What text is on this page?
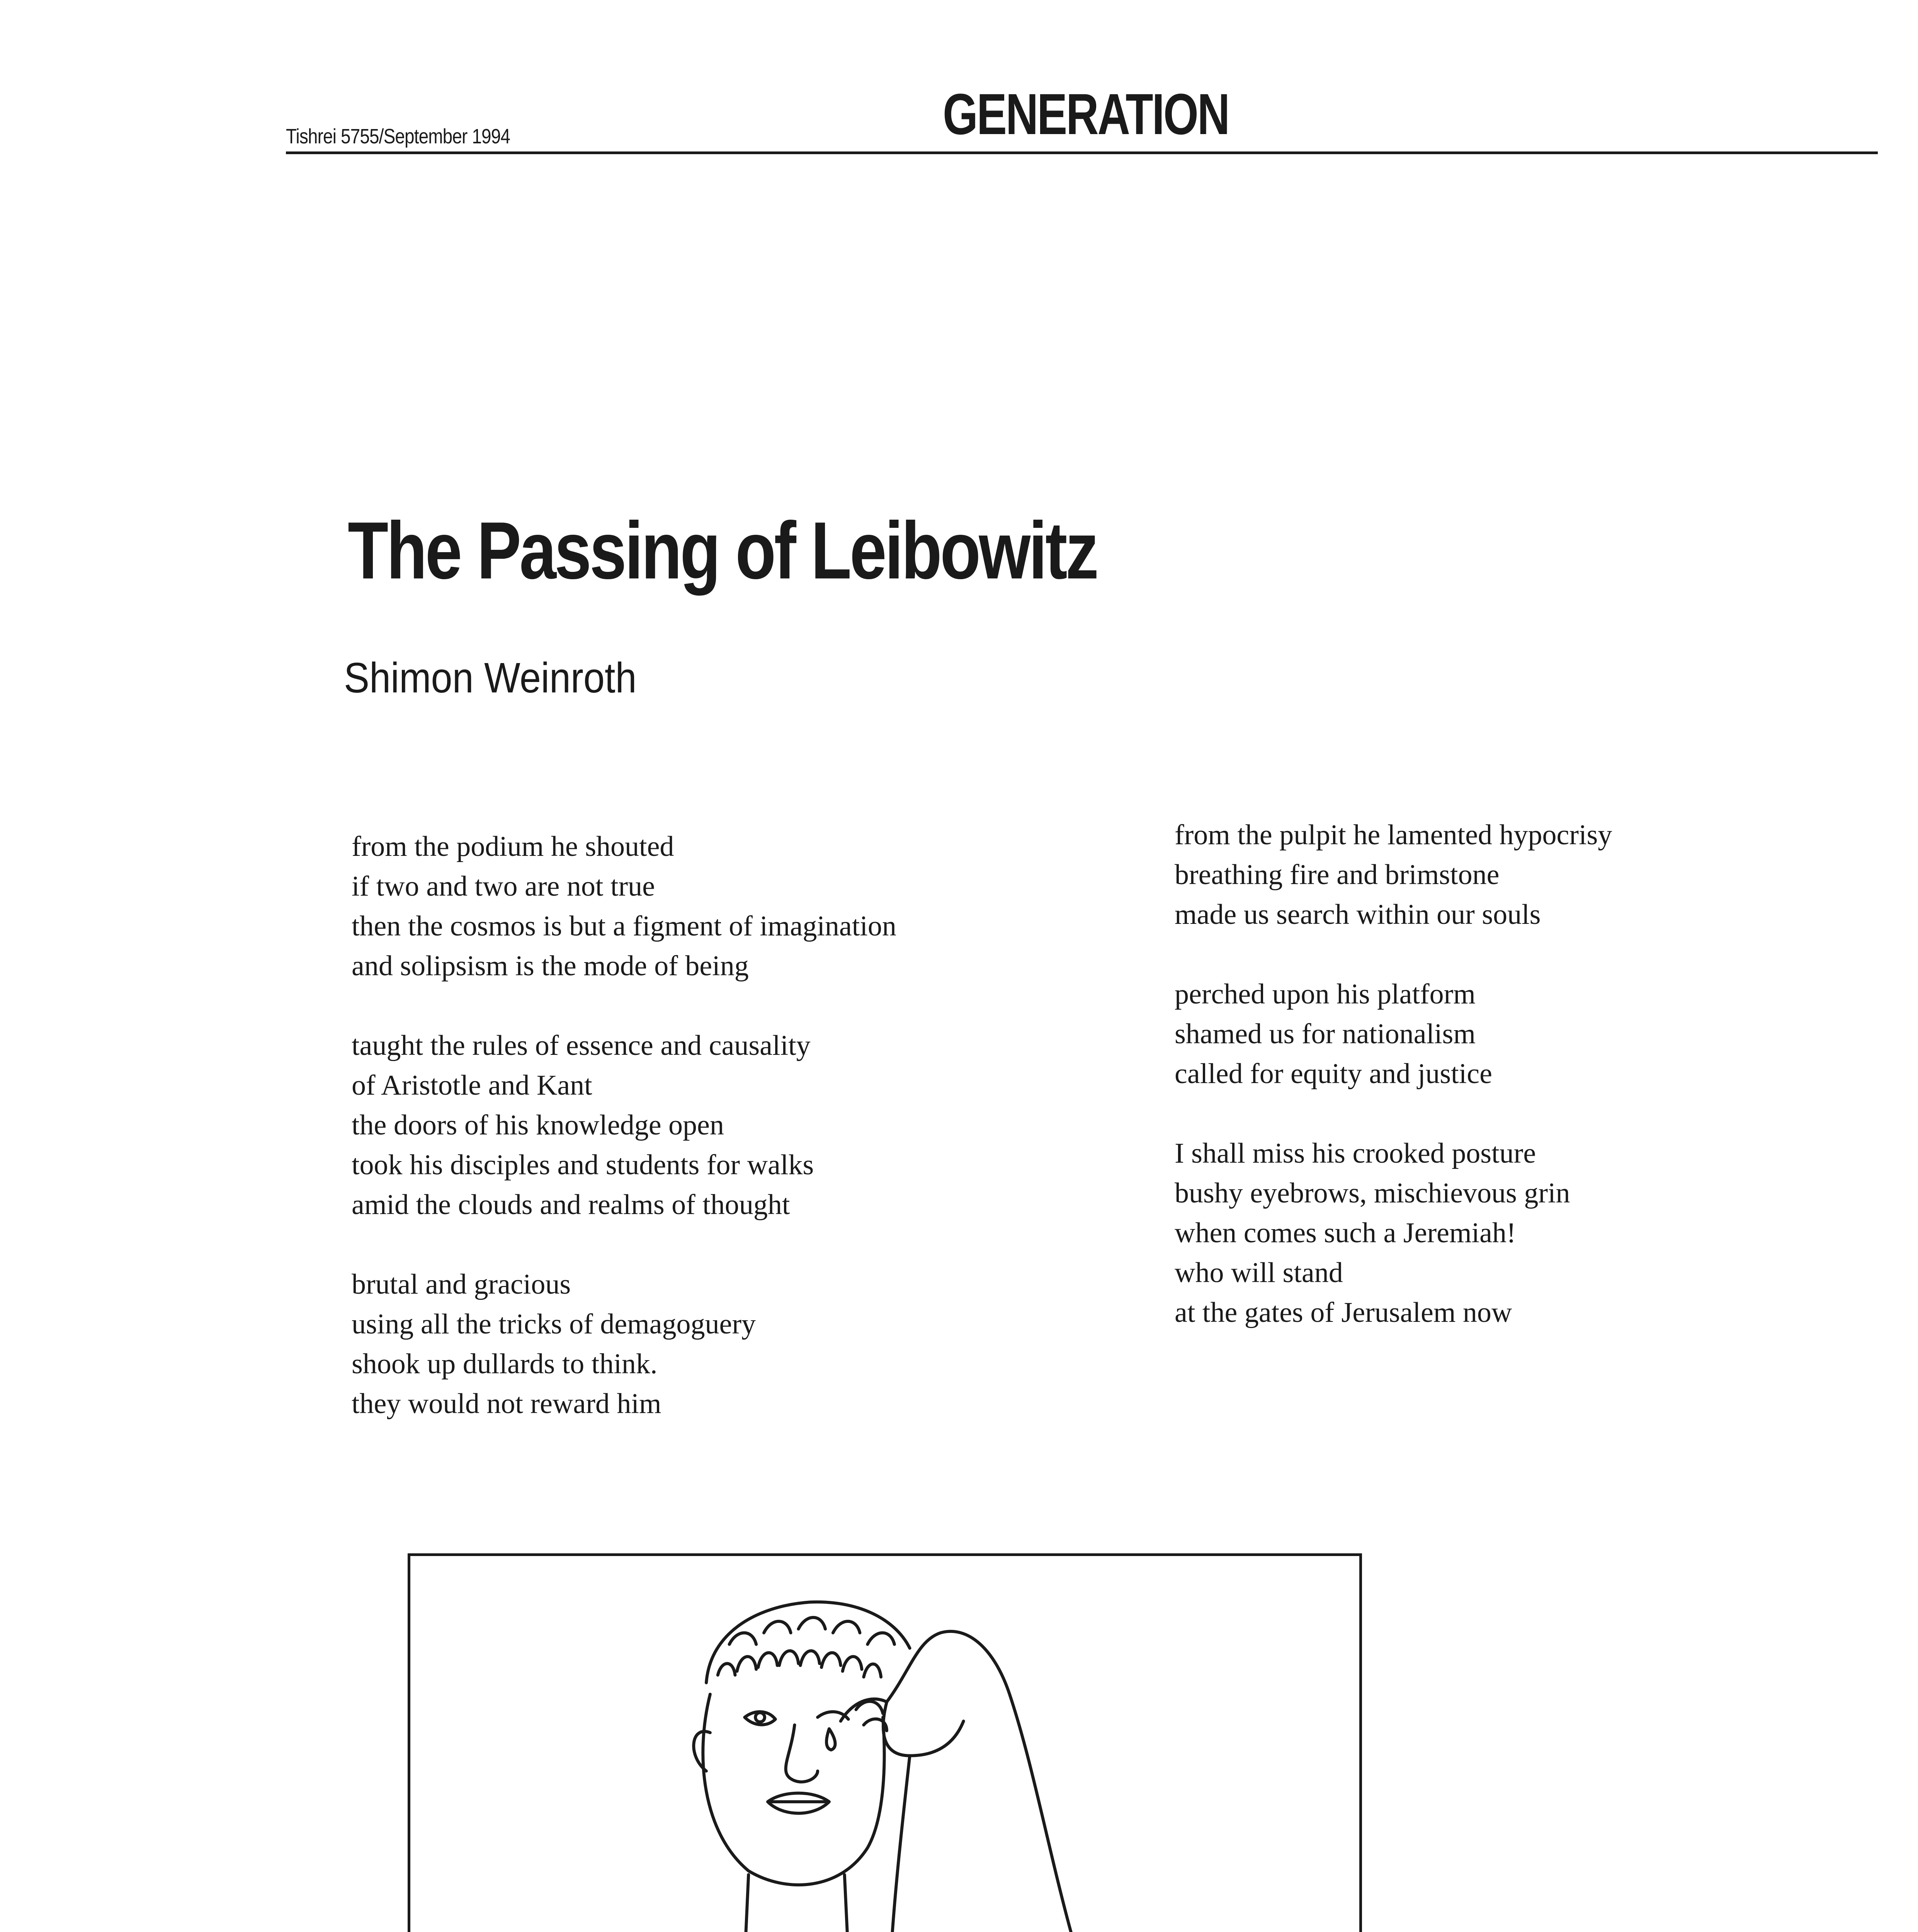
Tishrei 5755/September 1994	GENERATION
The Passing of Leibowitz
Shimon Weinroth
from the podium he shouted
if two and two are not true
then the cosmos is but a figment of imagination
and solipsism is the mode of being
taught the rules of essence and causality
of Aristotle and Kant
the doors of his knowledge open
took his disciples and students for walks
amid the clouds and realms of thought
brutal and gracious
using all the tricks of demagoguery
shook up dullards to think.
they would not reward him
from the pulpit he lamented hypocrisy
breathing fire and brimstone
made us search within our souls
perched upon his platform
shamed us for nationalism
called for equity and justice
I shall miss his crooked posture
bushy eyebrows, mischievous grin
when comes such a Jeremiah!
who will stand
at the gates of Jerusalem now
